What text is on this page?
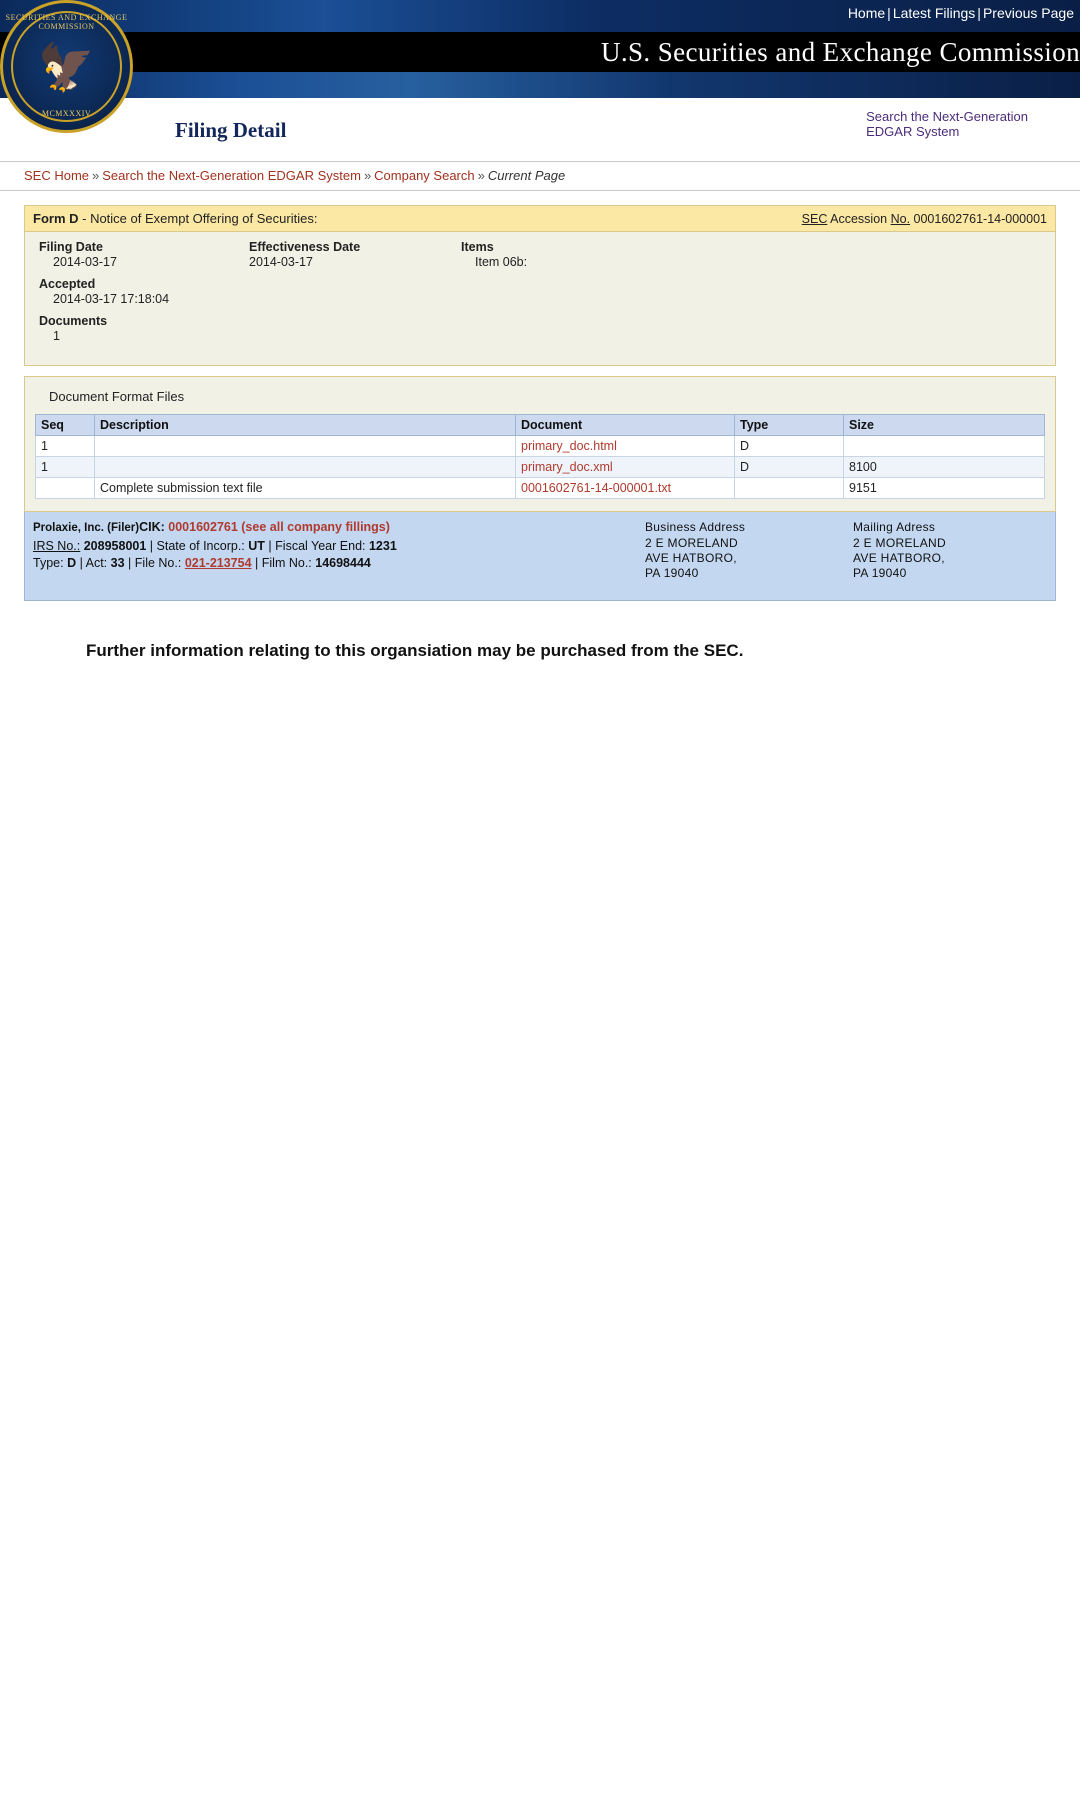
Home | Latest Filings | Previous Page
U.S. Securities and Exchange Commission
SECURITIES AND EXCHANGE COMMISSION
🦅
MCMXXXIV
Filing Detail
Search the Next-Generation
EDGAR System
SEC Home » Search the Next-Generation EDGAR System » Company Search » Current Page
Form D - Notice of Exempt Offering of Securities:	SEC Accession No. 0001602761-14-000001
Filing Date
2014-03-17
Accepted
2014-03-17 17:18:04
Documents
1
Effectiveness Date
2014-03-17
Items
Item 06b:
Document Format Files
Seq	Description	Document	Type	Size
1		primary_doc.html	D	
1		primary_doc.xml	D	8100
	Complete submission text file	0001602761-14-000001.txt		9151
Prolaxie, Inc. (Filer)CIK: 0001602761 (see all company fillings)
IRS No.: 208958001 | State of Incorp.: UT | Fiscal Year End: 1231
Type: D | Act: 33 | File No.: 021-213754 | Film No.: 14698444
Business Address
2 E MORELAND
AVE HATBORO,
PA 19040
Mailing Adress
2 E MORELAND
AVE HATBORO,
PA 19040
Further information relating to this organsiation may be purchased from the SEC.
